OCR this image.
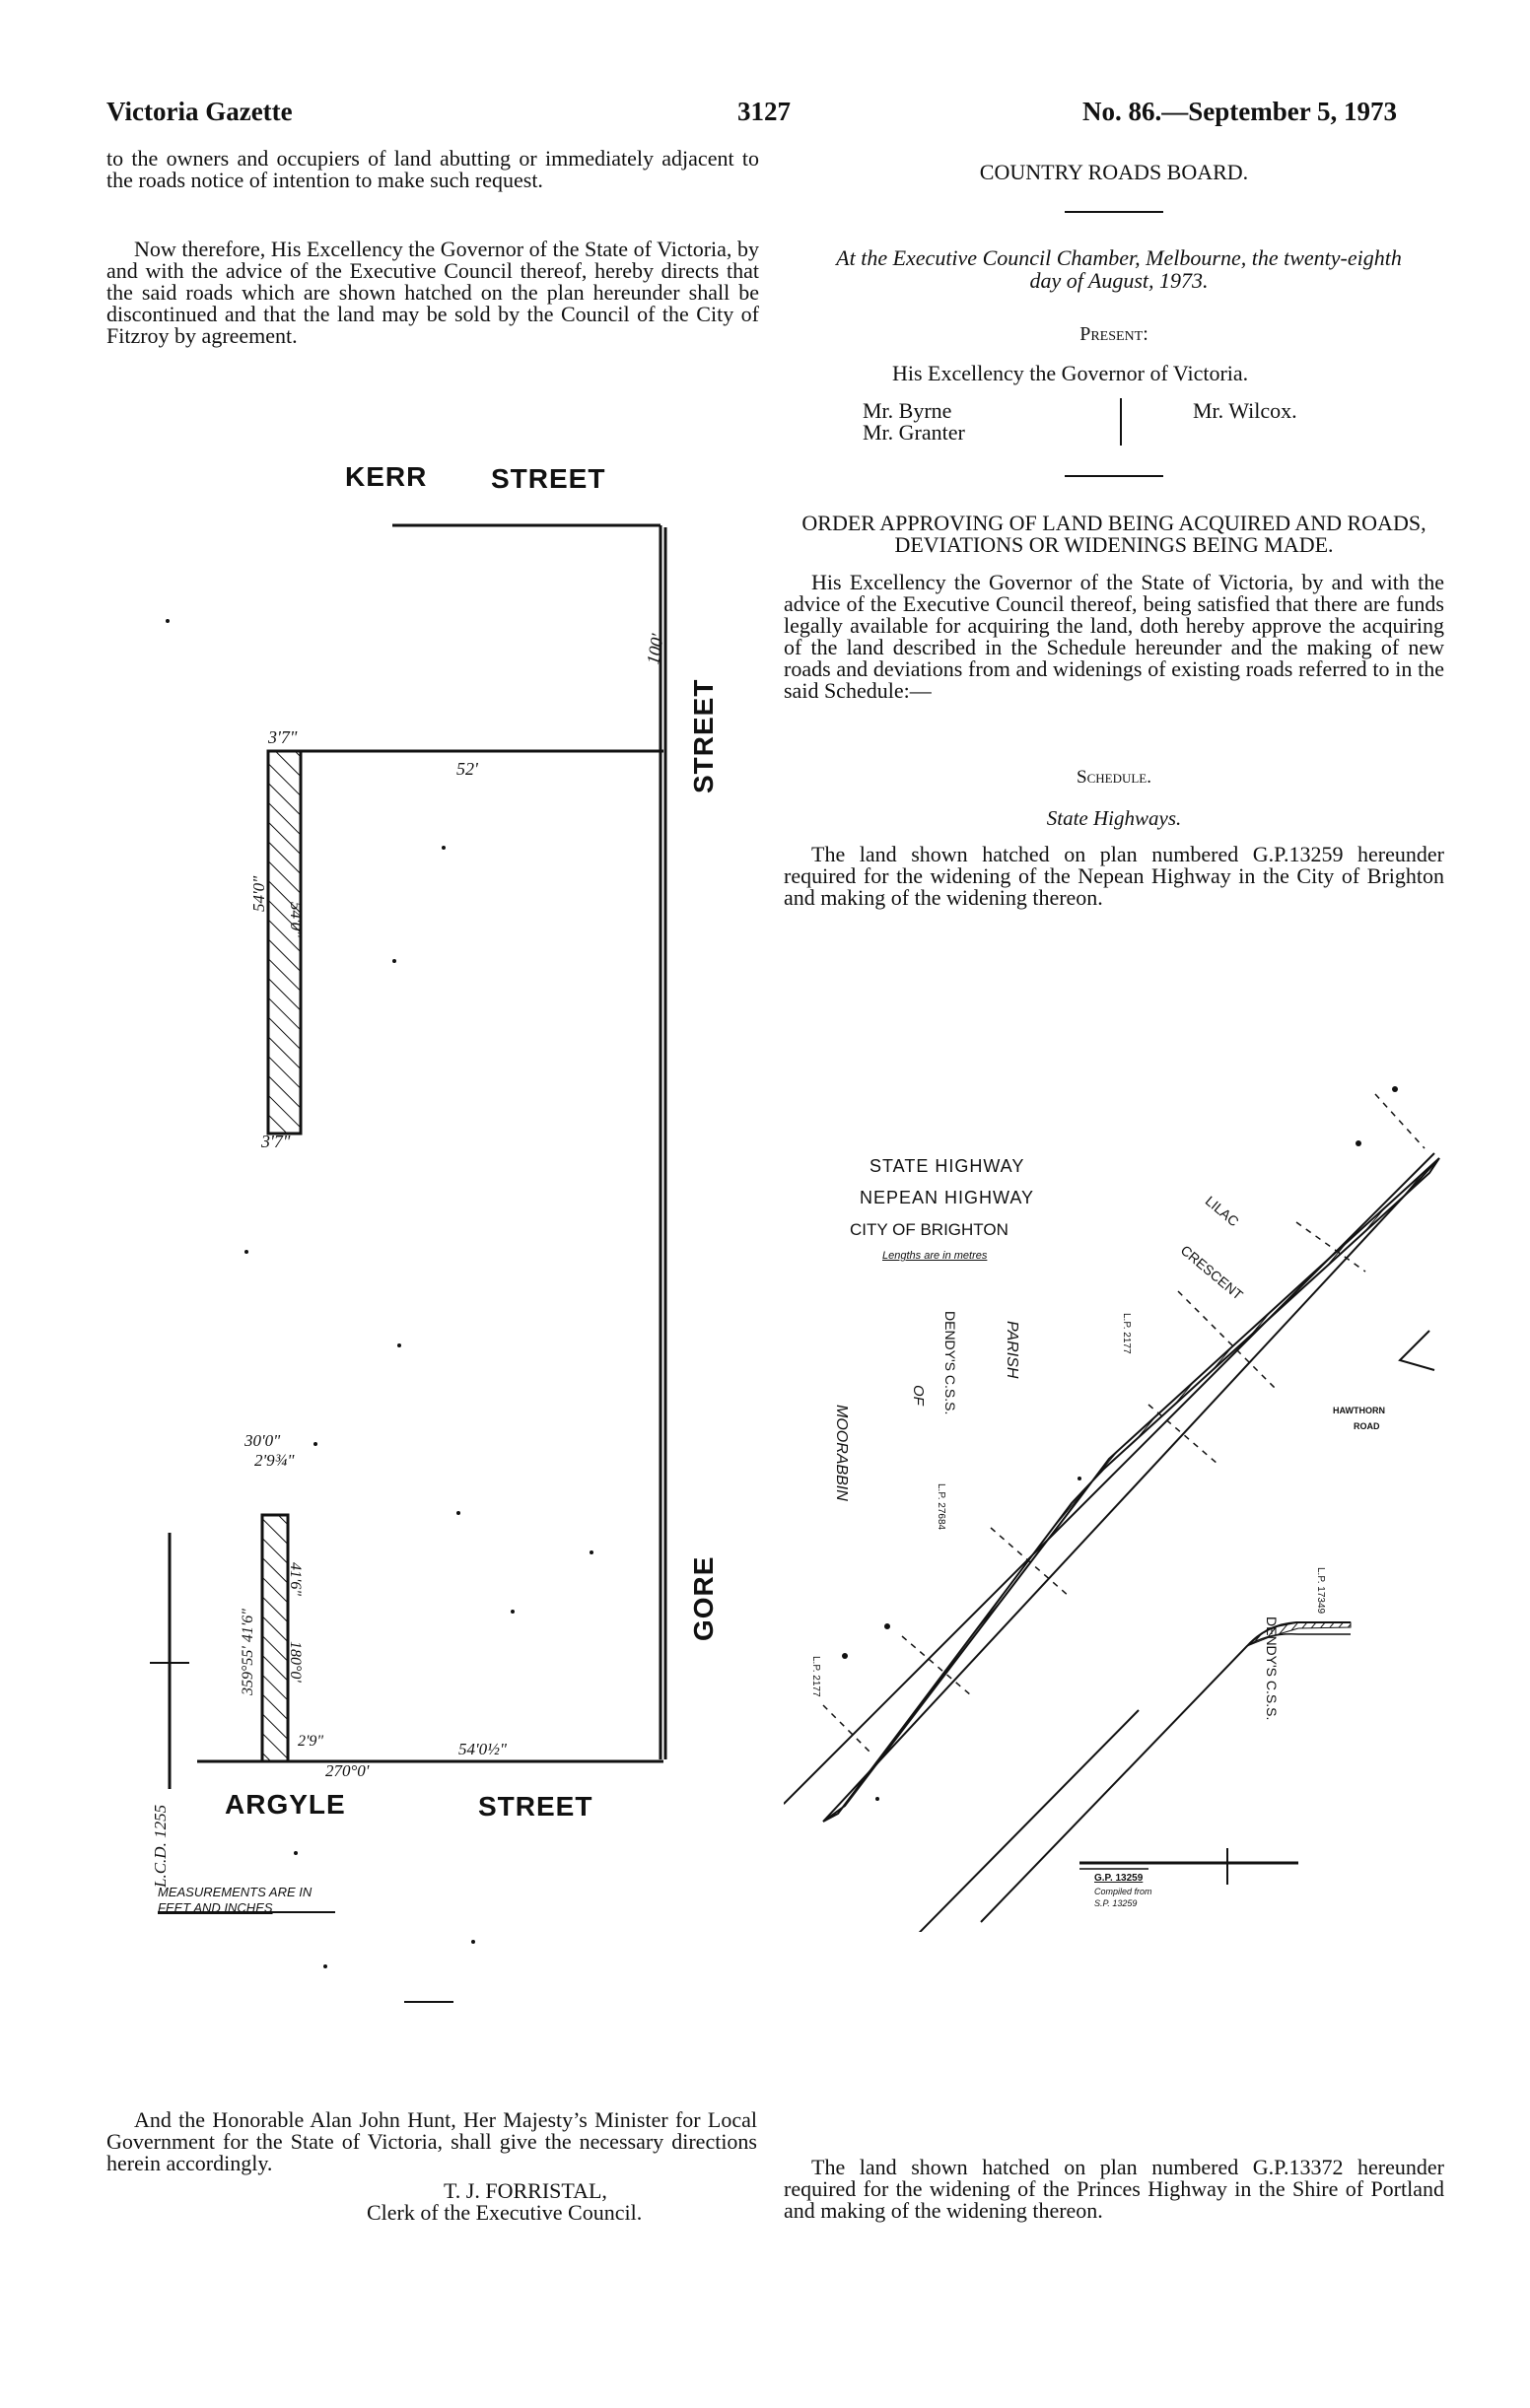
Victoria Gazette	3127	No. 86.—September 5, 1973
to the owners and occupiers of land abutting or immediately adjacent to the roads notice of intention to make such request.
Now therefore, His Excellency the Governor of the State of Victoria, by and with the advice of the Executive Council thereof, hereby directs that the said roads which are shown hatched on the plan hereunder shall be discontinued and that the land may be sold by the Council of the City of Fitzroy by agreement.
KERR STREET
STREET
GORE
ARGYLE	STREET
100'
3'7"
52'
54'0"
54'0"
3'7"
30'0"
2'9¾"
359°55' 41'6"
41'6"
180°0'
2'9"	54'0½"
270°0'
L.C.D. 1255
MEASUREMENTS ARE IN
FEET AND INCHES
And the Honorable Alan John Hunt, Her Majesty’s Minister for Local Government for the State of Victoria, shall give the necessary directions herein accordingly.
T. J. FORRISTAL,
Clerk of the Executive Council.
COUNTRY ROADS BOARD.
At the Executive Council Chamber, Melbourne, the twenty-eighth day of August, 1973.
Present:
His Excellency the Governor of Victoria.
Mr. Byrne
Mr. Granter
Mr. Wilcox.
ORDER APPROVING OF LAND BEING ACQUIRED AND ROADS, DEVIATIONS OR WIDENINGS BEING MADE.
His Excellency the Governor of the State of Victoria, by and with the advice of the Executive Council thereof, being satisfied that there are funds legally available for acquiring the land, doth hereby approve the acquiring of the land described in the Schedule hereunder and the making of new roads and deviations from and widenings of existing roads referred to in the said Schedule:—
Schedule.
State Highways.
The land shown hatched on plan numbered G.P.13259 hereunder required for the widening of the Nepean Highway in the City of Brighton and making of the widening thereon.
STATE HIGHWAY
NEPEAN HIGHWAY
CITY OF BRIGHTON
Lengths are in metres
LILAC
CRESCENT
DENDY'S C.S.S.	PARISH
OF
MOORABBIN	HAWTHORN
ROAD
DENDY'S C.S.S.
L.P. 2177
L.P. 2177
L.P. 17349
L.P. 27684
G.P. 13259
Compiled from
S.P. 13259
The land shown hatched on plan numbered G.P.13372 hereunder required for the widening of the Princes Highway in the Shire of Portland and making of the widening thereon.
